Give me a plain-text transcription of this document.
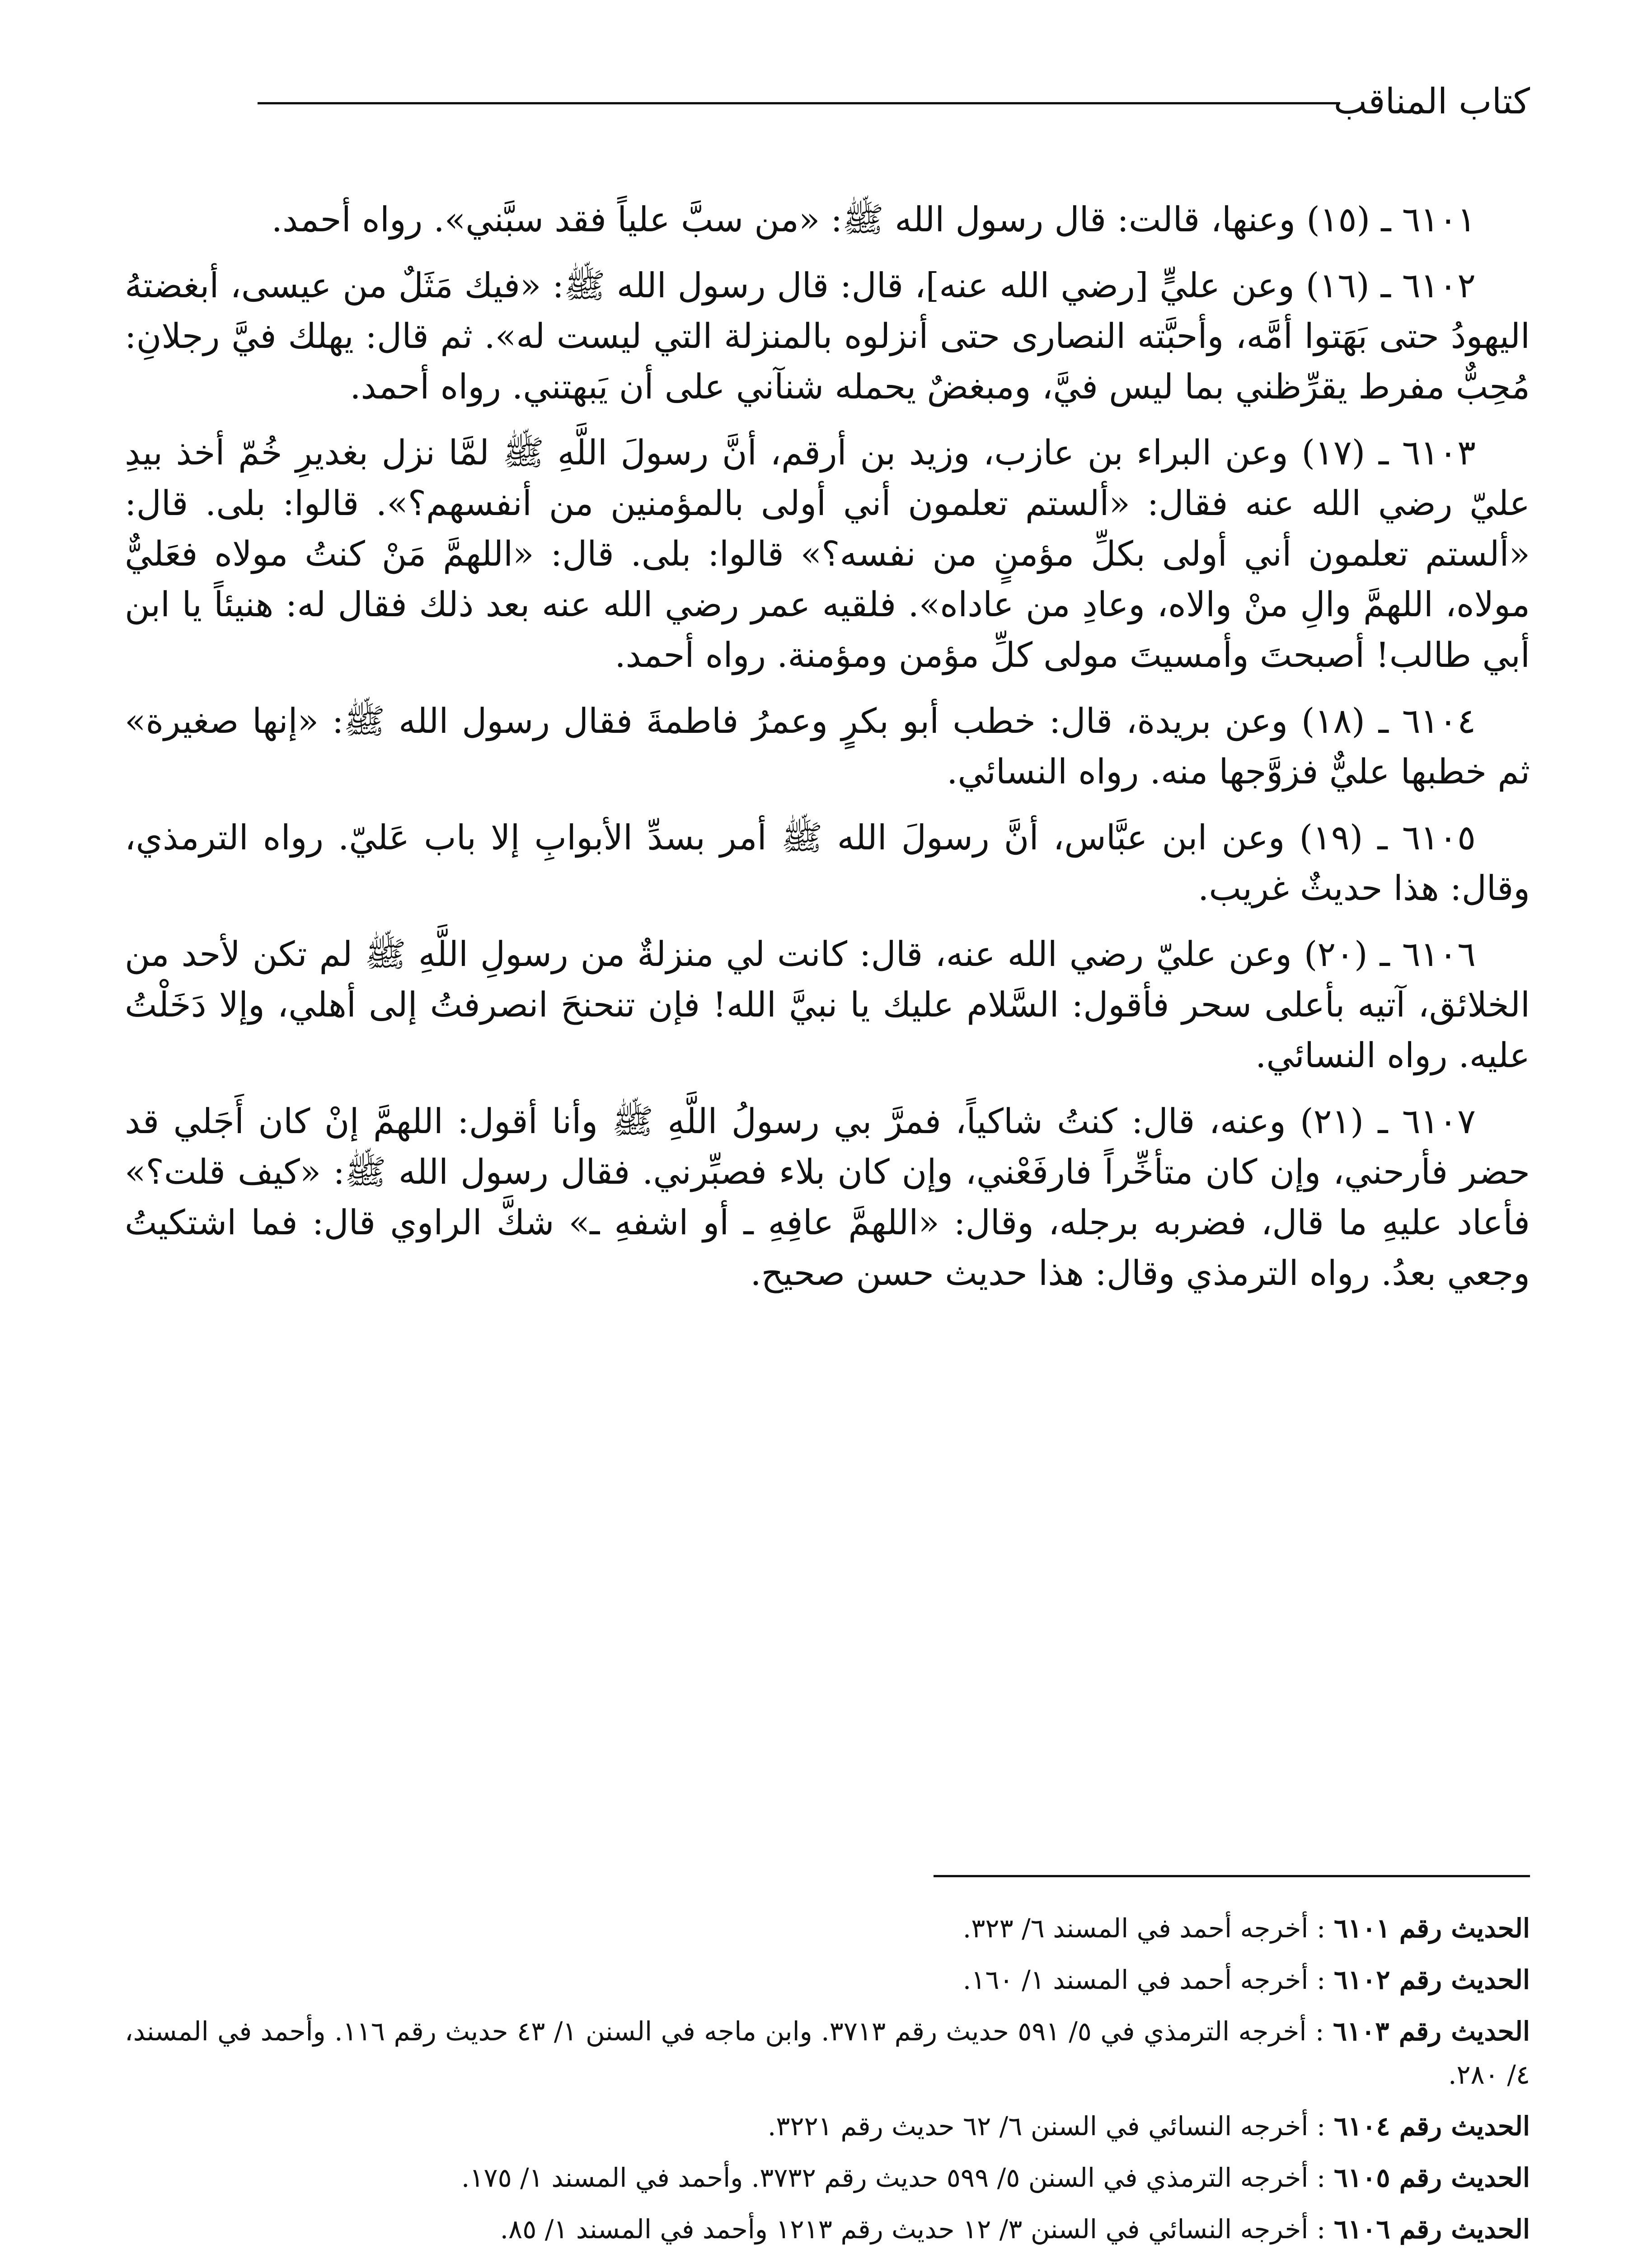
كتاب المناقب

٦١٠١ ـ (١٥) وعنها، قالت: قال رسول الله ﷺ: «من سبَّ علياً فقد سبَّني». رواه أحمد.

٦١٠٢ ـ (١٦) وعن عليٍّ [رضي الله عنه]، قال: قال رسول الله ﷺ: «فيك مَثَلٌ من عيسى، أبغضتهُ اليهودُ حتى بَهَتوا أمَّه، وأحبَّته النصارى حتى أنزلوه بالمنزلة التي ليست له». ثم قال: يهلك فيَّ رجلانِ: مُحِبٌّ مفرط يقرِّظني بما ليس فيَّ، ومبغضٌ يحمله شنآني على أن يَبهتني. رواه أحمد.

٦١٠٣ ـ (١٧) وعن البراء بن عازب، وزيد بن أرقم، أنَّ رسولَ اللَّهِ ﷺ لمَّا نزل بغديرِ خُمّ أخذ بيدِ عليّ رضي الله عنه فقال: «ألستم تعلمون أني أولى بالمؤمنين من أنفسهم؟». قالوا: بلى. قال: «ألستم تعلمون أني أولى بكلِّ مؤمنٍ من نفسه؟» قالوا: بلى. قال: «اللهمَّ مَنْ كنتُ مولاه فعَليٌّ مولاه، اللهمَّ والِ منْ والاه، وعادِ من عاداه». فلقيه عمر رضي الله عنه بعد ذلك فقال له: هنيئاً يا ابن أبي طالب! أصبحتَ وأمسيتَ مولى كلِّ مؤمن ومؤمنة. رواه أحمد.

٦١٠٤ ـ (١٨) وعن بريدة، قال: خطب أبو بكرٍ وعمرُ فاطمةَ فقال رسول الله ﷺ: «إنها صغيرة» ثم خطبها عليٌّ فزوَّجها منه. رواه النسائي.

٦١٠٥ ـ (١٩) وعن ابن عبَّاس، أنَّ رسولَ الله ﷺ أمر بسدِّ الأبوابِ إلا باب عَليّ. رواه الترمذي، وقال: هذا حديثٌ غريب.

٦١٠٦ ـ (٢٠) وعن عليّ رضي الله عنه، قال: كانت لي منزلةٌ من رسولِ اللَّهِ ﷺ لم تكن لأحد من الخلائق، آتيه بأعلى سحر فأقول: السَّلام عليك يا نبيَّ الله! فإن تنحنحَ انصرفتُ إلى أهلي، وإلا دَخَلْتُ عليه. رواه النسائي.

٦١٠٧ ـ (٢١) وعنه، قال: كنتُ شاكياً، فمرَّ بي رسولُ اللَّهِ ﷺ وأنا أقول: اللهمَّ إنْ كان أَجَلي قد حضر فأرحني، وإن كان متأخِّراً فارفَعْني، وإن كان بلاء فصبِّرني. فقال رسول الله ﷺ: «كيف قلت؟» فأعاد عليهِ ما قال، فضربه برجله، وقال: «اللهمَّ عافِهِ ـ أو اشفهِ ـ» شكَّ الراوي قال: فما اشتكيتُ وجعي بعدُ. رواه الترمذي وقال: هذا حديث حسن صحيح.

الحديث رقم ٦١٠١ : أخرجه أحمد في المسند ٦/ ٣٢٣.

الحديث رقم ٦١٠٢ : أخرجه أحمد في المسند ١/ ١٦٠.

الحديث رقم ٦١٠٣ : أخرجه الترمذي في ٥/ ٥٩١ حديث رقم ٣٧١٣. وابن ماجه في السنن ١/ ٤٣ حديث رقم ١١٦. وأحمد في المسند، ٤/ ٢٨٠.

الحديث رقم ٦١٠٤ : أخرجه النسائي في السنن ٦/ ٦٢ حديث رقم ٣٢٢١.

الحديث رقم ٦١٠٥ : أخرجه الترمذي في السنن ٥/ ٥٩٩ حديث رقم ٣٧٣٢. وأحمد في المسند ١/ ١٧٥.

الحديث رقم ٦١٠٦ : أخرجه النسائي في السنن ٣/ ١٢ حديث رقم ١٢١٣ وأحمد في المسند ١/ ٨٥.
